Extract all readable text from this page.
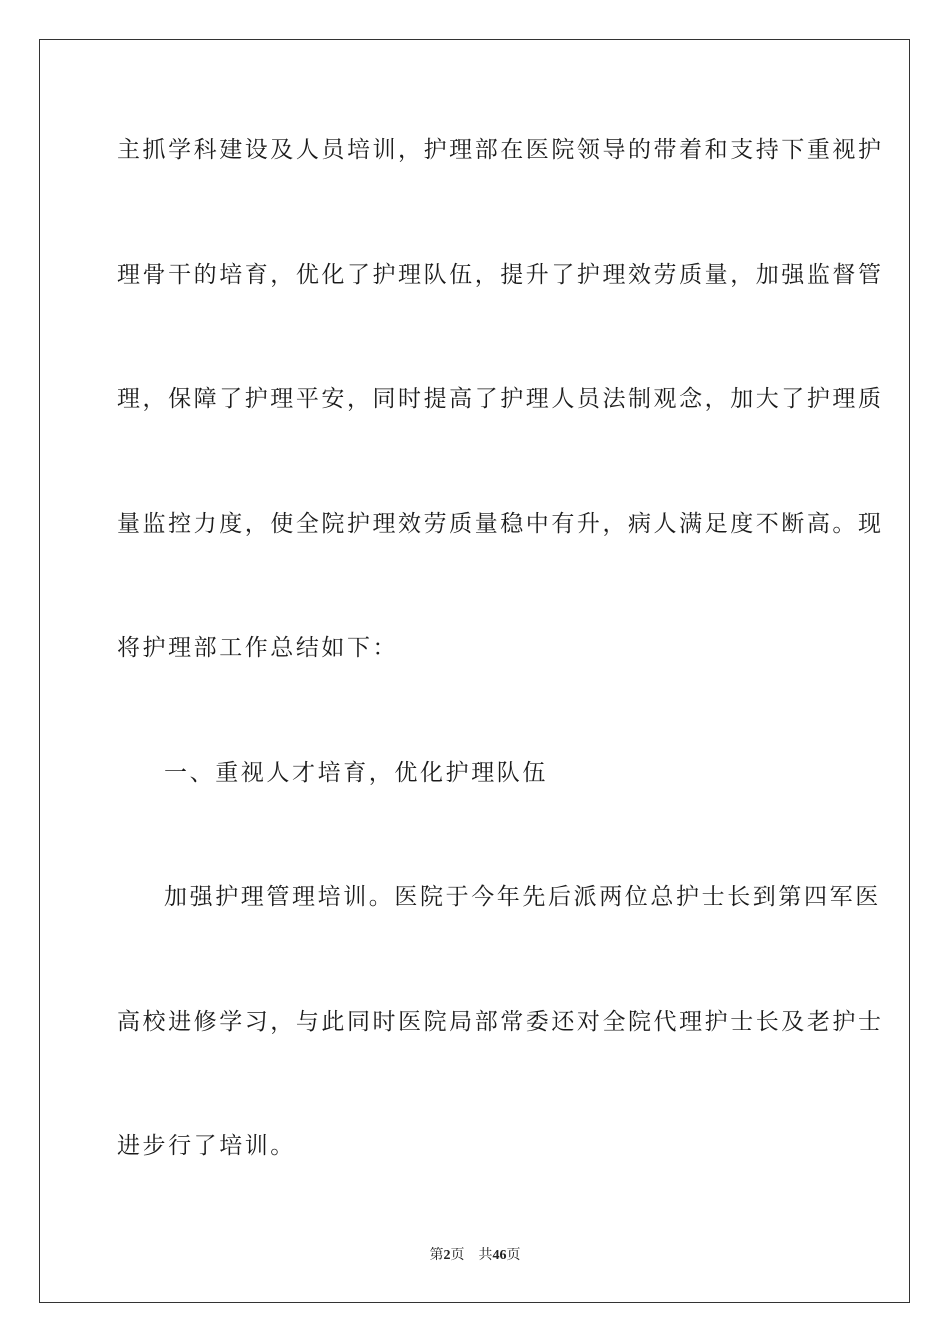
主抓学科建设及人员培训，护理部在医院领导的带着和支持下重视护
理骨干的培育，优化了护理队伍，提升了护理效劳质量，加强监督管
理，保障了护理平安，同时提高了护理人员法制观念，加大了护理质
量监控力度，使全院护理效劳质量稳中有升，病人满足度不断高。现
将护理部工作总结如下：
一、重视人才培育，优化护理队伍
加强护理管理培训。医院于今年先后派两位总护士长到第四军医
高校进修学习，与此同时医院局部常委还对全院代理护士长及老护士
进步行了培训。
第2页 共46页
